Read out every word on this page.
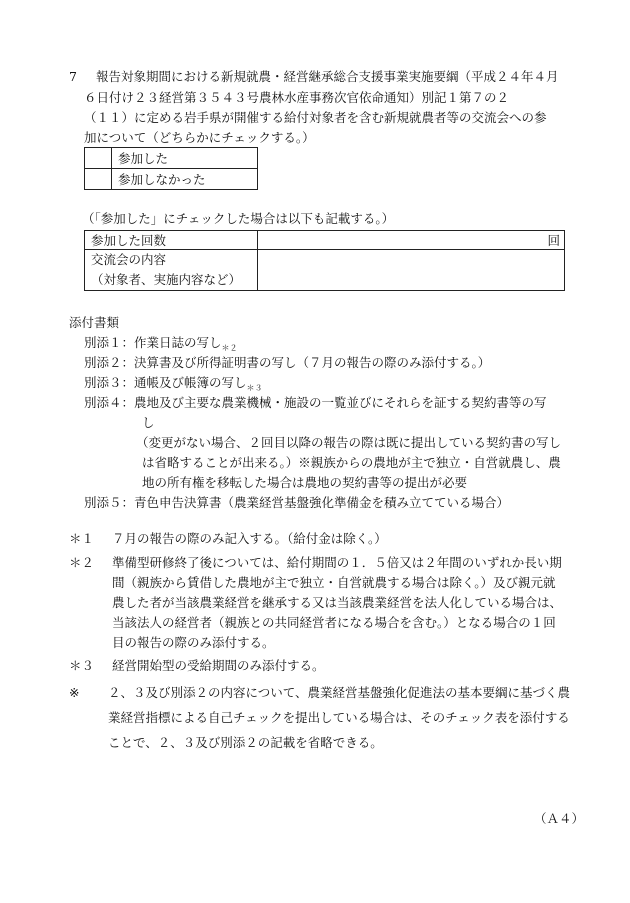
7 報告対象期間における新規就農・経営継承総合支援事業実施要綱（平成２４年４月
６日付け２３経営第３５４３号農林水産事務次官依命通知）別記１第７の２
（１１）に定める岩手県が開催する給付対象者を含む新規就農者等の交流会への参
加について（どちらかにチェックする。）
	参加した
	参加しなかった
（「参加した」にチェックした場合は以下も記載する。）
参加した回数	回

交流会の内容
（対象者、実施内容など）	

添付書類
別添１：作業日誌の写し$_{*2}$
別添２：決算書及び所得証明書の写し（７月の報告の際のみ添付する。）
別添３：通帳及び帳簿の写し$_{*3}$
別添４：農地及び主要な農業機械・施設の一覧並びにそれらを証する契約書等の写
し
（変更がない場合、２回目以降の報告の際は既に提出している契約書の写し
は省略することが出来る。）※親族からの農地が主で独立・自営就農し、農
地の所有権を移転した場合は農地の契約書等の提出が必要
別添５：青色申告決算書（農業経営基盤強化準備金を積み立てている場合）
＊１ ７月の報告の際のみ記入する。（給付金は除く。）
＊２ 準備型研修終了後については、給付期間の１．５倍又は２年間のいずれか長い期
間（親族から賃借した農地が主で独立・自営就農する場合は除く。）及び親元就
農した者が当該農業経営を継承する又は当該農業経営を法人化している場合は、
当該法人の経営者（親族との共同経営者になる場合を含む。）となる場合の１回
目の報告の際のみ添付する。
＊３ 経営開始型の受給期間のみ添付する。
※ ２、３及び別添２の内容について、農業経営基盤強化促進法の基本要綱に基づく農
業経営指標による自己チェックを提出している場合は、そのチェック表を添付する
ことで、２、３及び別添２の記載を省略できる。
（Ａ４）
